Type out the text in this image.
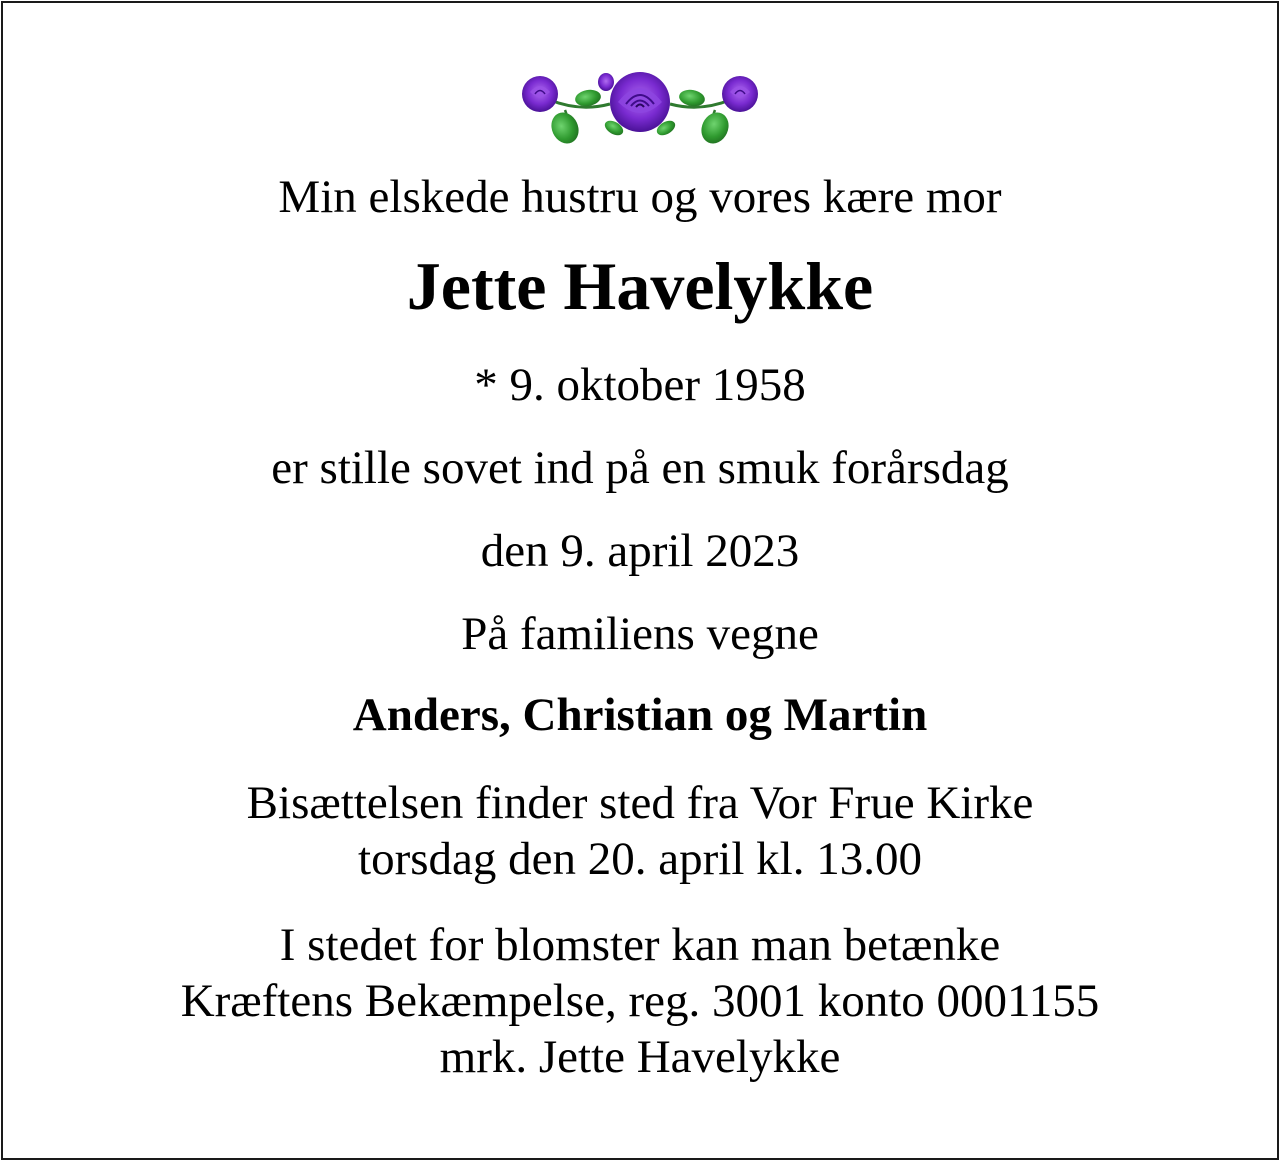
Min elskede hustru og vores kære mor
Jette Havelykke
* 9. oktober 1958
er stille sovet ind på en smuk forårsdag
den 9. april 2023
På familiens vegne
Anders, Christian og Martin
Bisættelsen finder sted fra Vor Frue Kirke
torsdag den 20. april kl. 13.00
I stedet for blomster kan man betænke
Kræftens Bekæmpelse, reg. 3001 konto 0001155
mrk. Jette Havelykke
